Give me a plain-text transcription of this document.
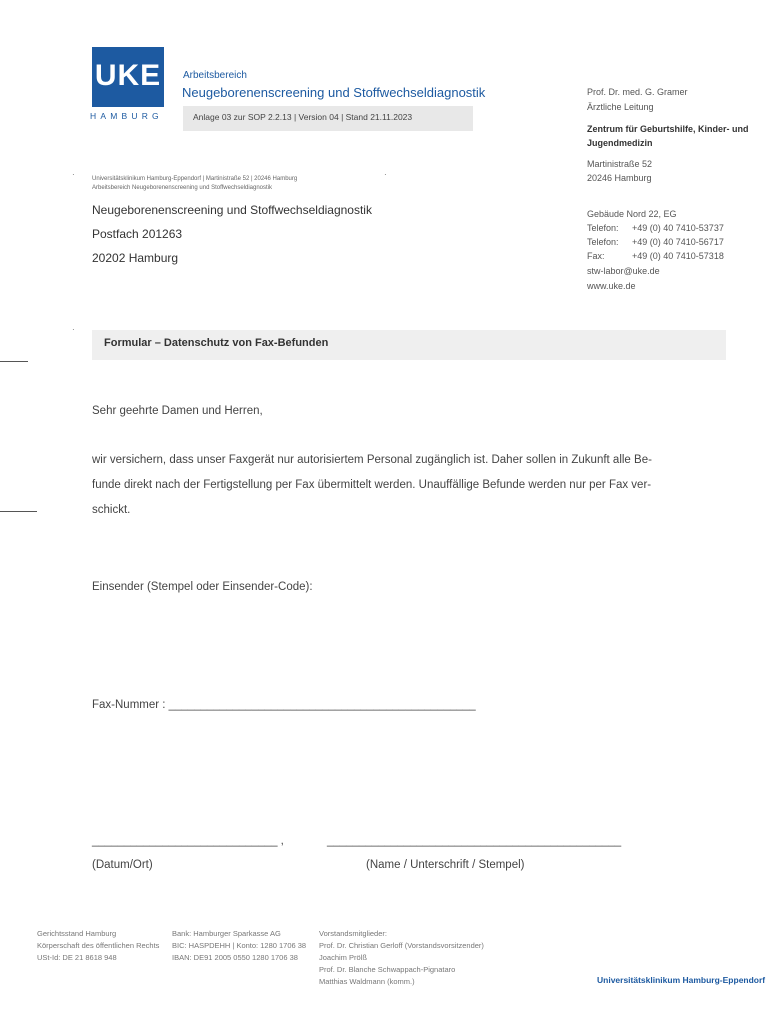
UKE
HAMBURG
Arbeitsbereich
Neugeborenenscreening und Stoffwechseldiagnostik
Anlage 03 zur SOP 2.2.13 | Version 04 | Stand 21.11.2023
Prof. Dr. med. G. Gramer
Ärztliche Leitung
Zentrum für Geburtshilfe, Kinder- und
Jugendmedizin
Martinistraße 52
20246 Hamburg
Gebäude Nord 22, EG
Telefon: +49 (0) 40 7410-53737
Telefon: +49 (0) 40 7410-56717
Fax:	+49 (0) 40 7410-57318
stw-labor@uke.de
www.uke.de
·	·
Universitätsklinikum Hamburg-Eppendorf | Martinistraße 52 | 20246 Hamburg
Arbeitsbereich Neugeborenenscreening und Stoffwechseldiagnostik
Neugeborenenscreening und Stoffwechseldiagnostik
Postfach 201263
20202 Hamburg
·
Formular – Datenschutz von Fax-Befunden
Sehr geehrte Damen und Herren,
wir versichern, dass unser Faxgerät nur autorisiertem Personal zugänglich ist. Daher sollen in Zukunft alle Be-
funde direkt nach der Fertigstellung per Fax übermittelt werden. Unauffällige Befunde werden nur per Fax ver-
schickt.
Einsender (Stempel oder Einsender-Code):
Fax-Nummer : ________________________________________________
_____________________________ ,	______________________________________________
(Datum/Ort)	(Name / Unterschrift / Stempel)
Gerichtsstand Hamburg
Körperschaft des öffentlichen Rechts
USt-Id: DE 21 8618 948
Bank: Hamburger Sparkasse AG
BIC: HASPDEHH | Konto: 1280 1706 38
IBAN: DE91 2005 0550 1280 1706 38
Vorstandsmitglieder:
Prof. Dr. Christian Gerloff (Vorstandsvorsitzender)
Joachim Prölß
Prof. Dr. Blanche Schwappach-Pignataro
Matthias Waldmann (komm.)	Universitätsklinikum Hamburg-Eppendorf
